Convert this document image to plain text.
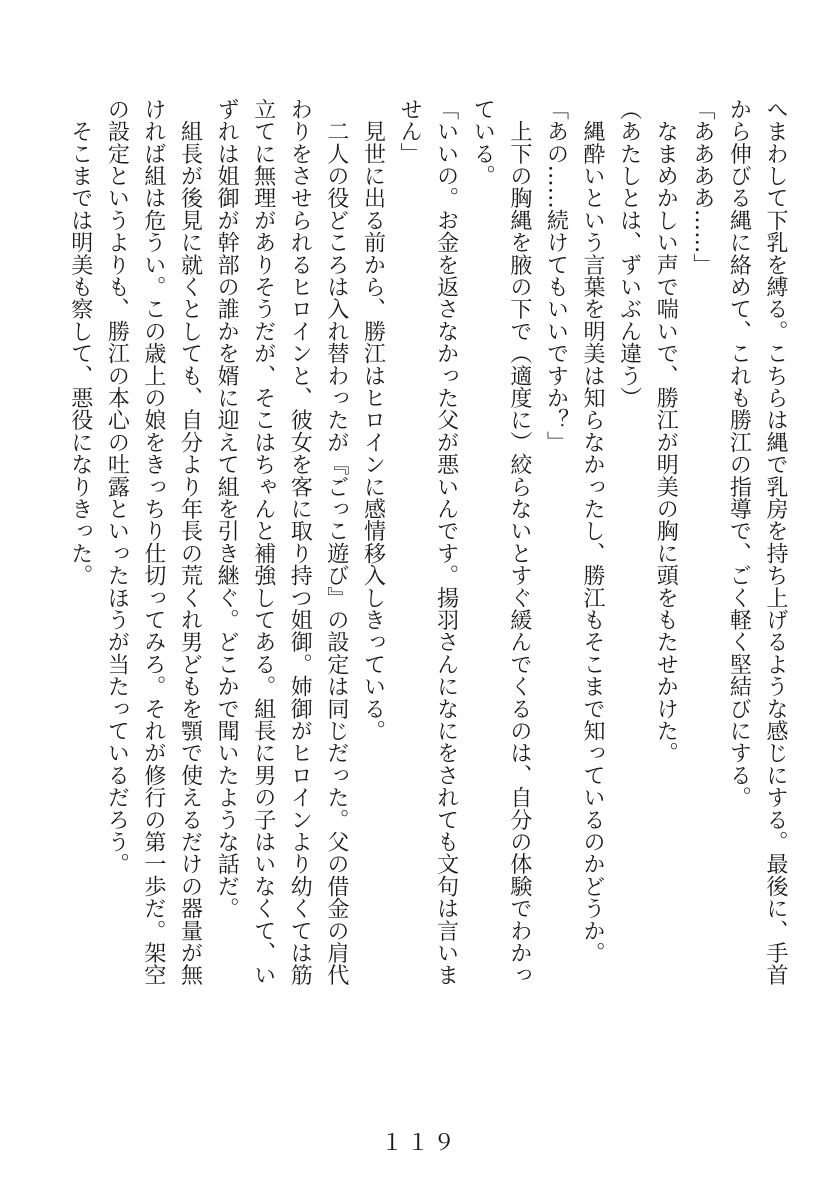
へまわして下乳を縛る。こちらは縄で乳房を持ち上げるような感じにする。最後に、手首
から伸びる縄に絡めて、これも勝江の指導で、ごく軽く堅結びにする。
「ああああ……」
　なまめかしい声で喘いで、勝江が明美の胸に頭をもたせかけた。
（あたしとは、ずいぶん違う）
　縄酔いという言葉を明美は知らなかったし、勝江もそこまで知っているのかどうか。
「あの……続けてもいいですか？」
　上下の胸縄を腋の下で（適度に）絞らないとすぐ緩んでくるのは、自分の体験でわかっ
ている。
「いいの。お金を返さなかった父が悪いんです。揚羽さんになにをされても文句は言いま
せん」
　見世に出る前から、勝江はヒロインに感情移入しきっている。
　二人の役どころは入れ替わったが『ごっこ遊び』の設定は同じだった。父の借金の肩代
わりをさせられるヒロインと、彼女を客に取り持つ姐御。姉御がヒロインより幼くては筋
立てに無理がありそうだが、そこはちゃんと補強してある。組長に男の子はいなくて、い
ずれは姐御が幹部の誰かを婿に迎えて組を引き継ぐ。どこかで聞いたような話だ。
　組長が後見に就くとしても、自分より年長の荒くれ男どもを顎で使えるだけの器量が無
ければ組は危うい。この歳上の娘をきっちり仕切ってみろ。それが修行の第一歩だ。架空
の設定というよりも、勝江の本心の吐露といったほうが当たっているだろう。
　そこまでは明美も察して、悪役になりきった。
１１９
